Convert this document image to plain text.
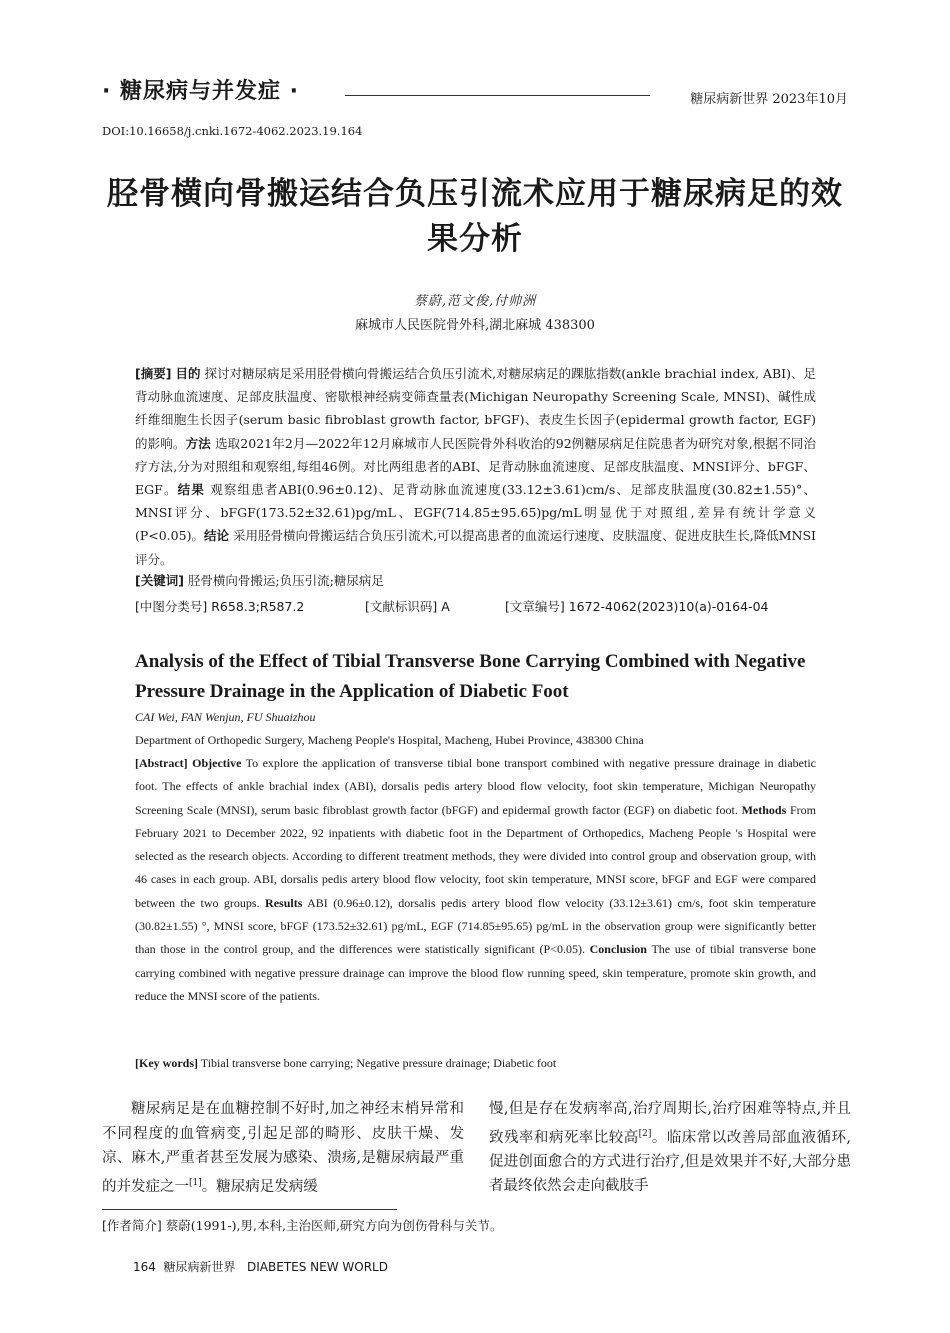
· 糖尿病与并发症 ·	糖尿病新世界 2023年10月
DOI:10.16658/j.cnki.1672-4062.2023.19.164
胫骨横向骨搬运结合负压引流术应用于糖尿病足的效果分析
蔡蔚,范文俊,付帅洲
麻城市人民医院骨外科,湖北麻城 438300
[摘要] 目的 探讨对糖尿病足采用胫骨横向骨搬运结合负压引流术,对糖尿病足的踝肱指数(ankle brachial index, ABI)、足背动脉血流速度、足部皮肤温度、密歇根神经病变筛查量表(Michigan Neuropathy Screening Scale, MNSI)、碱性成纤维细胞生长因子(serum basic fibroblast growth factor, bFGF)、表皮生长因子(epidermal growth factor, EGF)的影响。方法 选取2021年2月—2022年12月麻城市人民医院骨外科收治的92例糖尿病足住院患者为研究对象,根据不同治疗方法,分为对照组和观察组,每组46例。对比两组患者的ABI、足背动脉血流速度、足部皮肤温度、MNSI评分、bFGF、EGF。结果 观察组患者ABI(0.96±0.12)、足背动脉血流速度(33.12±3.61)cm/s、足部皮肤温度(30.82±1.55)°、MNSI评分、bFGF(173.52±32.61)pg/mL、EGF(714.85±95.65)pg/mL明显优于对照组,差异有统计学意义(P<0.05)。结论 采用胫骨横向骨搬运结合负压引流术,可以提高患者的血流运行速度、皮肤温度、促进皮肤生长,降低MNSI评分。
[关键词] 胫骨横向骨搬运;负压引流;糖尿病足
[中图分类号] R658.3;R587.2	[文献标识码] A	[文章编号] 1672-4062(2023)10(a)-0164-04
Analysis of the Effect of Tibial Transverse Bone Carrying Combined with Negative Pressure Drainage in the Application of Diabetic Foot
CAI Wei, FAN Wenjun, FU Shuaizhou
Department of Orthopedic Surgery, Macheng People's Hospital, Macheng, Hubei Province, 438300 China
[Abstract] Objective To explore the application of transverse tibial bone transport combined with negative pressure drainage in diabetic foot. The effects of ankle brachial index (ABI), dorsalis pedis artery blood flow velocity, foot skin temperature, Michigan Neuropathy Screening Scale (MNSI), serum basic fibroblast growth factor (bFGF) and epidermal growth factor (EGF) on diabetic foot. Methods From February 2021 to December 2022, 92 inpatients with diabetic foot in the Department of Orthopedics, Macheng People 's Hospital were selected as the research objects. According to different treatment methods, they were divided into control group and observation group, with 46 cases in each group. ABI, dorsalis pedis artery blood flow velocity, foot skin temperature, MNSI score, bFGF and EGF were compared between the two groups. Results ABI (0.96±0.12), dorsalis pedis artery blood flow velocity (33.12±3.61) cm/s, foot skin temperature (30.82±1.55) °, MNSI score, bFGF (173.52±32.61) pg/mL, EGF (714.85±95.65) pg/mL in the observation group were significantly better than those in the control group, and the differences were statistically significant (P<0.05). Conclusion The use of tibial transverse bone carrying combined with negative pressure drainage can improve the blood flow running speed, skin temperature, promote skin growth, and reduce the MNSI score of the patients.
[Key words] Tibial transverse bone carrying; Negative pressure drainage; Diabetic foot
糖尿病足是在血糖控制不好时,加之神经末梢异常和不同程度的血管病变,引起足部的畸形、皮肤干燥、发凉、麻木,严重者甚至发展为感染、溃疡,是糖尿病最严重的并发症之一[1]。糖尿病足发病缓
慢,但是存在发病率高,治疗周期长,治疗困难等特点,并且致残率和病死率比较高[2]。临床常以改善局部血液循环,促进创面愈合的方式进行治疗,但是效果并不好,大部分患者最终依然会走向截肢手
[作者简介] 蔡蔚(1991-),男,本科,主治医师,研究方向为创伤骨科与关节。
164 糖尿病新世界 DIABETES NEW WORLD
